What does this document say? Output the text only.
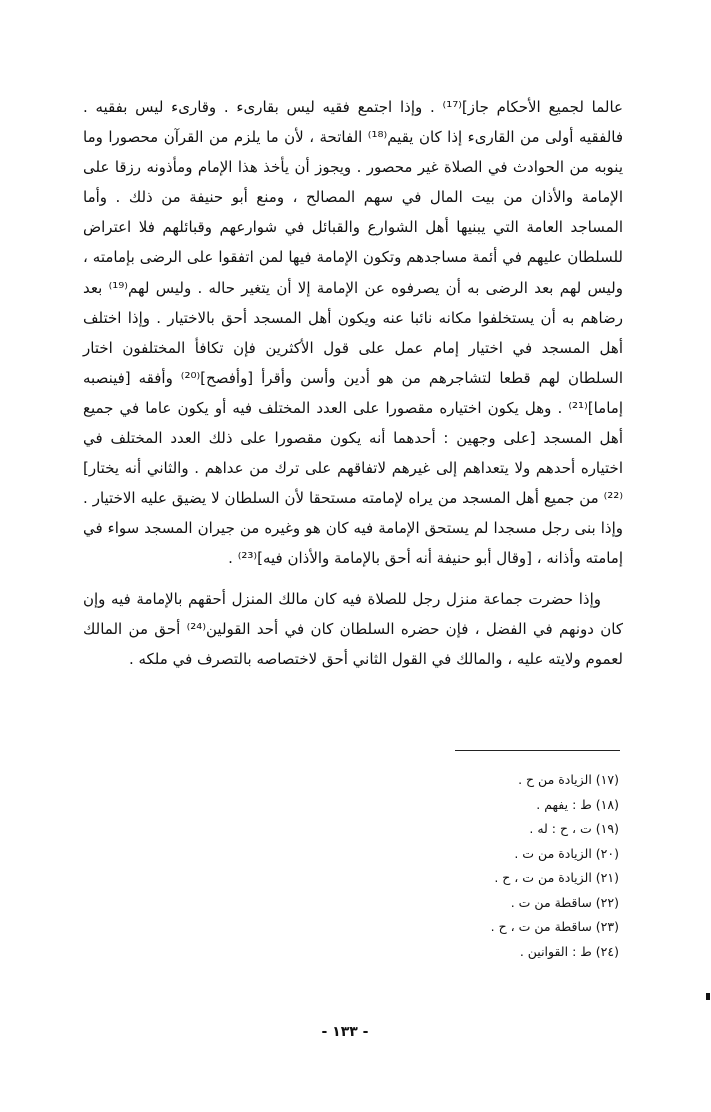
عالما لجميع الأحكام جاز]⁽¹⁷⁾ . وإذا اجتمع فقيه ليس بقارىء . وقارىء ليس بفقيه . فالفقيه أولى من القارىء إذا كان يقيم⁽¹⁸⁾ الفاتحة ، لأن ما يلزم من القرآن محصورا وما ينوبه من الحوادث في الصلاة غير محصور . ويجوز أن يأخذ هذا الإمام ومأذونه رزقا على الإمامة والأذان من بيت المال في سهم المصالح ، ومنع أبو حنيفة من ذلك . وأما المساجد العامة التي يبنيها أهل الشوارع والقبائل في شوارعهم وقبائلهم فلا اعتراض للسلطان عليهم في أئمة مساجدهم وتكون الإمامة فيها لمن اتفقوا على الرضى بإمامته ، وليس لهم بعد الرضى به أن يصرفوه عن الإمامة إلا أن يتغير حاله . وليس لهم⁽¹⁹⁾ بعد رضاهم به أن يستخلفوا مكانه نائبا عنه ويكون أهل المسجد أحق بالاختيار . وإذا اختلف أهل المسجد في اختيار إمام عمل على قول الأكثرين فإن تكافأ المختلفون اختار السلطان لهم قطعا لتشاجرهم من هو أدين وأسن وأقرأ [وأفصح]⁽²⁰⁾ وأفقه [فينصبه إماما]⁽²¹⁾ . وهل يكون اختياره مقصورا على العدد المختلف فيه أو يكون عاما في جميع أهل المسجد [على وجهين : أحدهما أنه يكون مقصورا على ذلك العدد المختلف في اختياره أحدهم ولا يتعداهم إلى غيرهم لاتفاقهم على ترك من عداهم . والثاني أنه يختار]⁽²²⁾ من جميع أهل المسجد من يراه لإمامته مستحقا لأن السلطان لا يضيق عليه الاختيار . وإذا بنى رجل مسجدا لم يستحق الإمامة فيه كان هو وغيره من جيران المسجد سواء في إمامته وأذانه ، [وقال أبو حنيفة أنه أحق بالإمامة والأذان فيه]⁽²³⁾ .

وإذا حضرت جماعة منزل رجل للصلاة فيه كان مالك المنزل أحقهم بالإمامة فيه وإن كان دونهم في الفضل ، فإن حضره السلطان كان في أحد القولين⁽²⁴⁾ أحق من المالك لعموم ولايته عليه ، والمالك في القول الثاني أحق لاختصاصه بالتصرف في ملكه .

(١٧) الزيادة من ح .
(١٨) ط : يفهم .
(١٩) ت ، ح : له .
(٢٠) الزيادة من ت .
(٢١) الزيادة من ت ، ح .
(٢٢) ساقطة من ت .
(٢٣) ساقطة من ت ، ح .
(٢٤) ط : القوانين .
- ١٣٣ -
